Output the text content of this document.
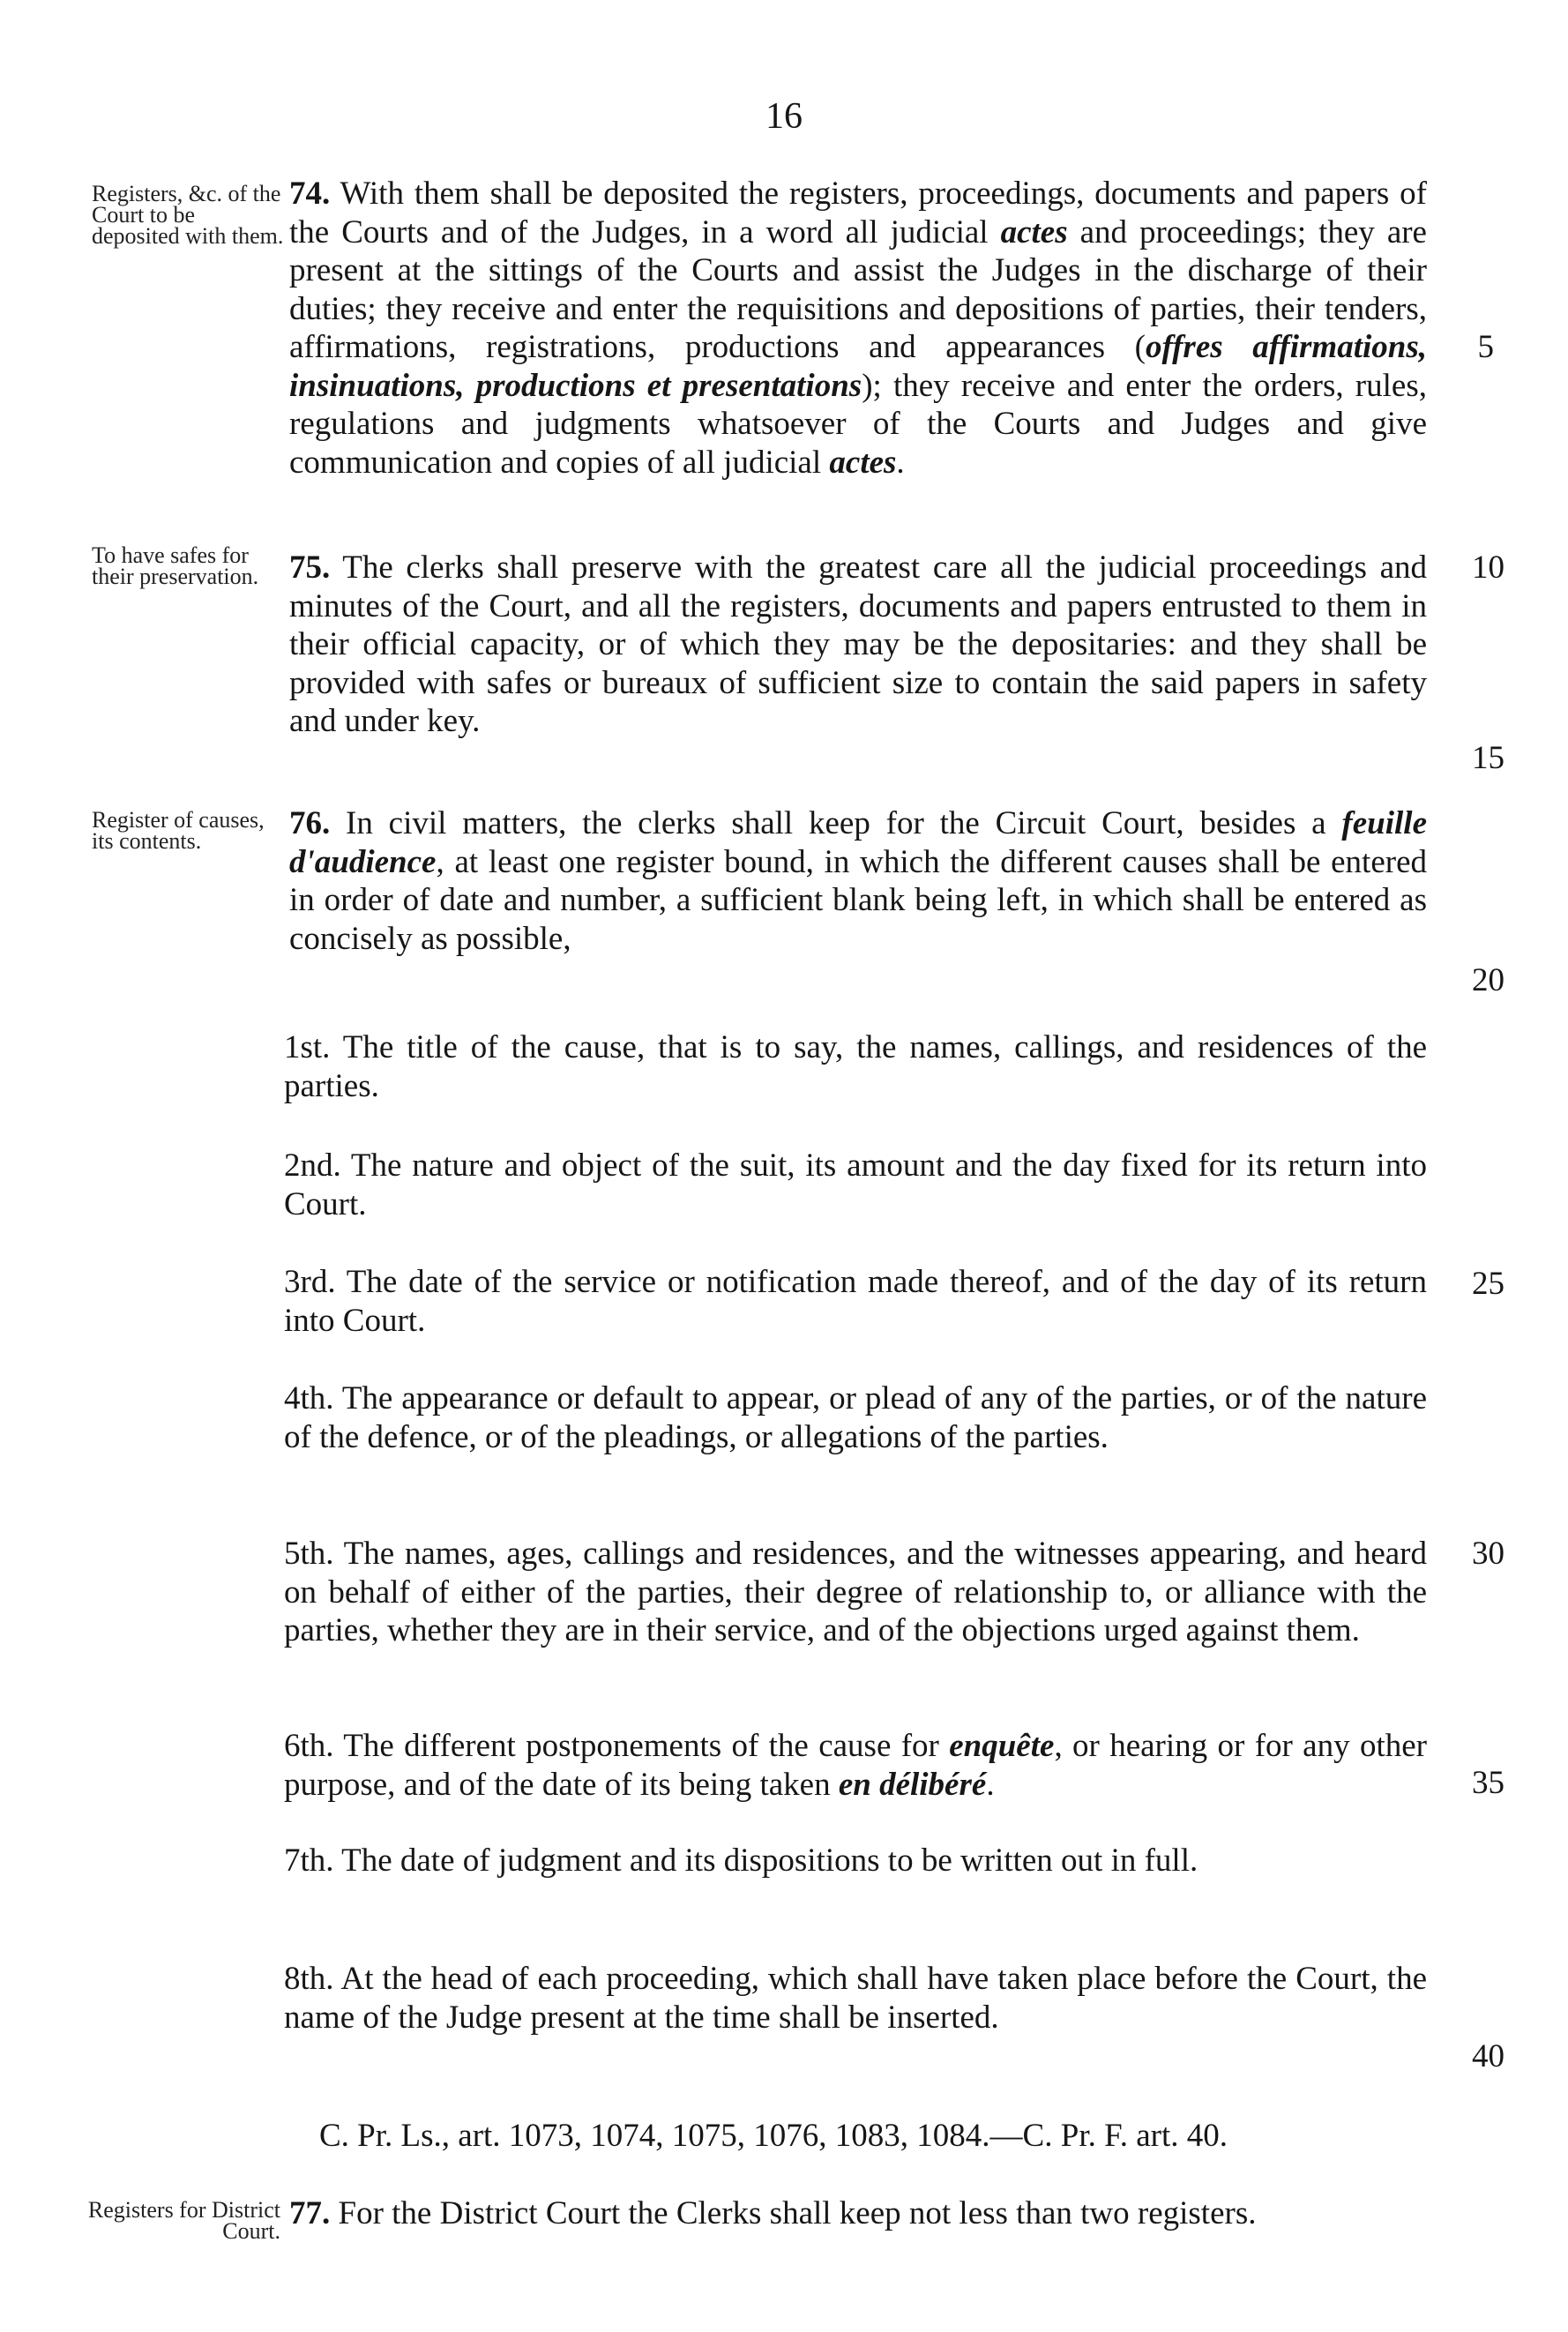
16
Registers, &c. of the Court to be deposited with them.
74. With them shall be deposited the registers, proceedings, documents and papers of the Courts and of the Judges, in a word all judicial actes and proceedings; they are present at the sittings of the Courts and assist the Judges in the discharge of their duties; they receive and enter the requisitions and depositions of parties, their tenders, affirmations, registrations, productions and appearances (offres affirmations, insinuations, productions et presentations); they receive and enter the orders, rules, regulations and judgments whatsoever of the Courts and Judges and give communication and copies of all judicial actes.
To have safes for their preservation. 75. The clerks shall preserve with the greatest care all the judicial proceedings and minutes of the Court, and all the registers, documents and papers entrusted to them in their official capacity, or of which they may be the depositaries: and they shall be provided with safes or bureaux of sufficient size to contain the said papers in safety and under key.
Register of causes, its contents.	76. In civil matters, the clerks shall keep for the Circuit Court, besides a feuille d'audience, at least one register bound, in which the different causes shall be entered in order of date and number, a sufficient blank being left, in which shall be entered as concisely as possible,
1st. The title of the cause, that is to say, the names, callings, and residences of the parties.
2nd. The nature and object of the suit, its amount and the day fixed for its return into Court.
3rd. The date of the service or notification made thereof, and of the day of its return into Court.
4th. The appearance or default to appear, or plead of any of the parties, or of the nature of the defence, or of the pleadings, or allegations of the parties.
5th. The names, ages, callings and residences, and the witnesses appearing, and heard on behalf of either of the parties, their degree of relationship to, or alliance with the parties, whether they are in their service, and of the objections urged against them.
6th. The different postponements of the cause for enquête, or hearing or for any other purpose, and of the date of its being taken en délibéré.
7th. The date of judgment and its dispositions to be written out in full.
8th. At the head of each proceeding, which shall have taken place before the Court, the name of the Judge present at the time shall be inserted.
C. Pr. Ls., art. 1073, 1074, 1075, 1076, 1083, 1084.—C. Pr. F. art. 40.
Registers for District Court. 77. For the District Court the Clerks shall keep not less than two registers.
5
10
15
20
25
30
35
40
